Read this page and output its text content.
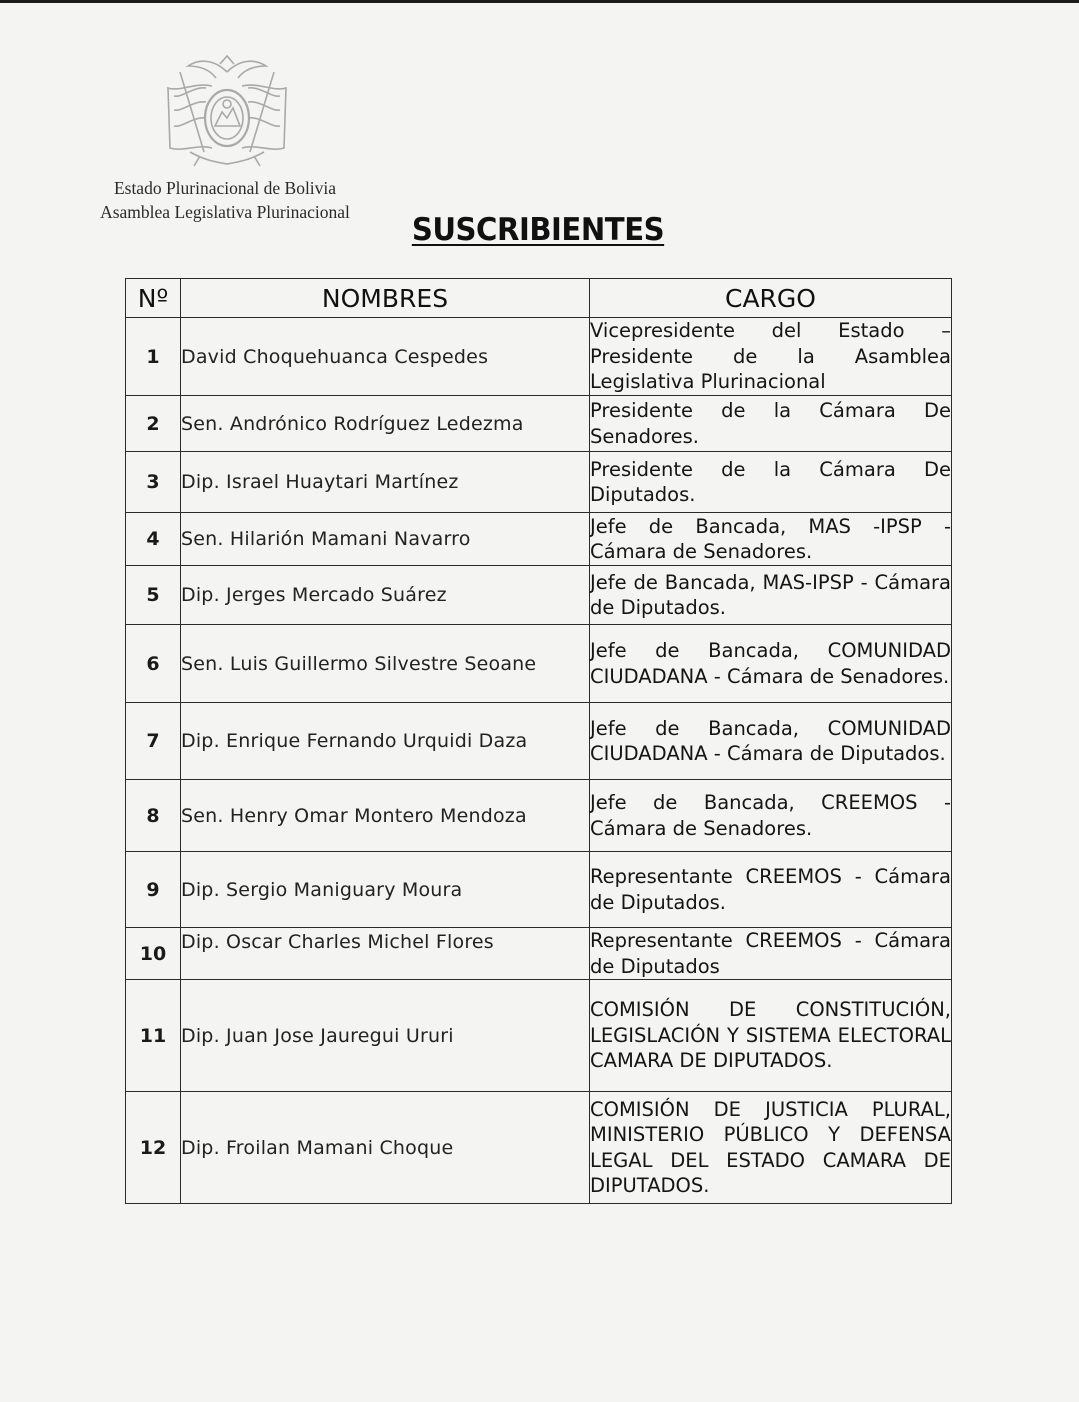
Estado Plurinacional de Bolivia
Asamblea Legislativa Plurinacional	SUSCRIBIENTES
Nº	NOMBRES	CARGO
1	David Choquehuanca Cespedes	Vicepresidente del Estado – Presidente de la Asamblea Legislativa Plurinacional
2	Sen. Andrónico Rodríguez Ledezma	Presidente de la Cámara De Senadores.
3	Dip. Israel Huaytari Martínez	Presidente de la Cámara De Diputados.
4	Sen. Hilarión Mamani Navarro	Jefe de Bancada, MAS -IPSP - Cámara de Senadores.
5	Dip. Jerges Mercado Suárez	Jefe de Bancada, MAS-IPSP - Cámara de Diputados.
6	Sen. Luis Guillermo Silvestre Seoane	Jefe de Bancada, COMUNIDAD CIUDADANA - Cámara de Senadores.
7	Dip. Enrique Fernando Urquidi Daza	Jefe de Bancada, COMUNIDAD CIUDADANA - Cámara de Diputados.
8	Sen. Henry Omar Montero Mendoza	Jefe de Bancada, CREEMOS - Cámara de Senadores.
9	Dip. Sergio Maniguary Moura	Representante CREEMOS - Cámara de Diputados.
10	Dip. Oscar Charles Michel Flores	Representante CREEMOS - Cámara de Diputados
11	Dip. Juan Jose Jauregui Ururi	COMISIÓN DE CONSTITUCIÓN, LEGISLACIÓN Y SISTEMA ELECTORAL CAMARA DE DIPUTADOS.
12	Dip. Froilan Mamani Choque	COMISIÓN DE JUSTICIA PLURAL, MINISTERIO PÚBLICO Y DEFENSA LEGAL DEL ESTADO CAMARA DE DIPUTADOS.
